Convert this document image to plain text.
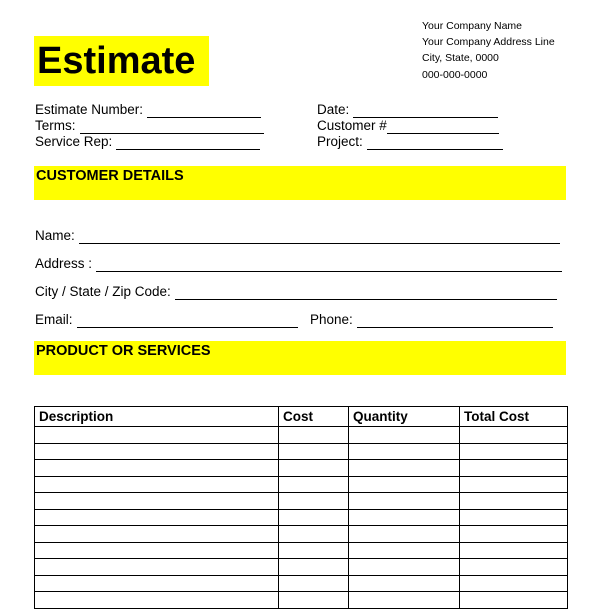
Estimate
Your Company Name
Your Company Address Line
City, State, 0000
000-000-0000
Estimate Number:	Date:
Terms:	Customer #
Service Rep:	Project:
CUSTOMER DETAILS
Name:
Address :
City / State / Zip Code:
Email:	Phone:
PRODUCT OR SERVICES
Description	Cost	Quantity	Total Cost
